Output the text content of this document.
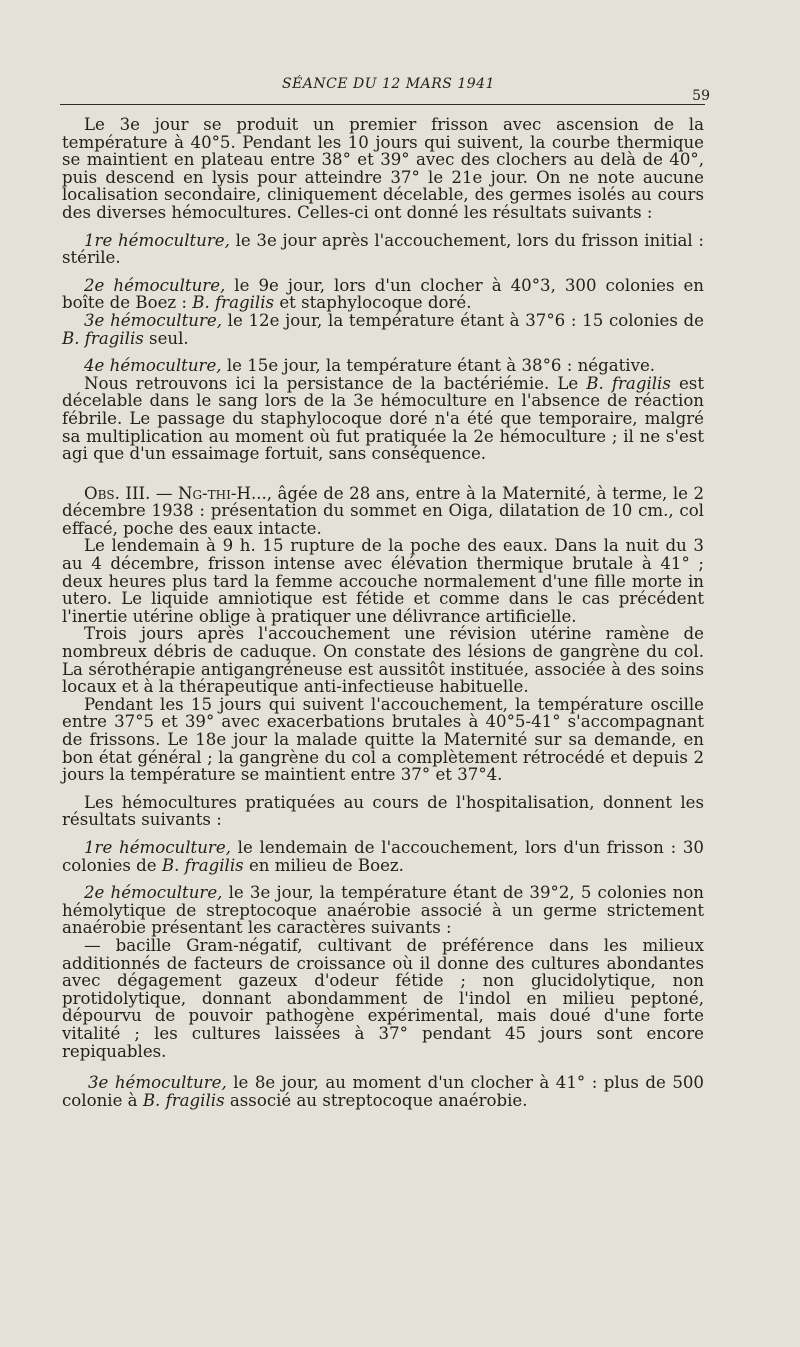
SÉANCE DU 12 MARS 1941
59

Le 3e jour se produit un premier frisson avec ascension de la température à 40°5. Pendant les 10 jours qui suivent, la courbe thermique se maintient en plateau entre 38° et 39° avec des clochers au delà de 40°, puis descend en lysis pour atteindre 37° le 21e jour. On ne note aucune localisation secondaire, cliniquement décelable, des germes isolés au cours des diverses hémocultures. Celles-ci ont donné les résultats suivants :

1re hémoculture, le 3e jour après l'accouchement, lors du frisson initial : stérile.

2e hémoculture, le 9e jour, lors d'un clocher à 40°3, 300 colonies en boîte de Boez : B. fragilis et staphylocoque doré.

3e hémoculture, le 12e jour, la température étant à 37°6 : 15 colonies de B. fragilis seul.

4e hémoculture, le 15e jour, la température étant à 38°6 : négative.

Nous retrouvons ici la persistance de la bactériémie. Le B. fragilis est décelable dans le sang lors de la 3e hémoculture en l'absence de réaction fébrile. Le passage du staphylocoque doré n'a été que temporaire, malgré sa multiplication au moment où fut pratiquée la 2e hémoculture ; il ne s'est agi que d'un essaimage fortuit, sans conséquence.

Obs. III. — Ng-thi-H..., âgée de 28 ans, entre à la Maternité, à terme, le 2 décembre 1938 : présentation du sommet en Oiga, dilatation de 10 cm., col effacé, poche des eaux intacte.

Le lendemain à 9 h. 15 rupture de la poche des eaux. Dans la nuit du 3 au 4 décembre, frisson intense avec élévation thermique brutale à 41° ; deux heures plus tard la femme accouche normalement d'une fille morte in utero. Le liquide amniotique est fétide et comme dans le cas précédent l'inertie utérine oblige à pratiquer une délivrance artificielle.

Trois jours après l'accouchement une révision utérine ramène de nombreux débris de caduque. On constate des lésions de gangrène du col. La sérothérapie antigangréneuse est aussitôt instituée, associée à des soins locaux et à la thérapeutique anti-infectieuse habituelle.

Pendant les 15 jours qui suivent l'accouchement, la température oscille entre 37°5 et 39° avec exacerbations brutales à 40°5-41° s'accompagnant de frissons. Le 18e jour la malade quitte la Maternité sur sa demande, en bon état général ; la gangrène du col a complètement rétrocédé et depuis 2 jours la température se maintient entre 37° et 37°4.

Les hémocultures pratiquées au cours de l'hospitalisation, donnent les résultats suivants :

1re hémoculture, le lendemain de l'accouchement, lors d'un frisson : 30 colonies de B. fragilis en milieu de Boez.

2e hémoculture, le 3e jour, la température étant de 39°2, 5 colonies non hémolytique de streptocoque anaérobie associé à un germe strictement anaérobie présentant les caractères suivants :

— bacille Gram-négatif, cultivant de préférence dans les milieux additionnés de facteurs de croissance où il donne des cultures abondantes avec dégagement gazeux d'odeur fétide ; non glucidolytique, non protidolytique, donnant abondamment de l'indol en milieu peptoné, dépourvu de pouvoir pathogène expérimental, mais doué d'une forte vitalité ; les cultures laissées à 37° pendant 45 jours sont encore repiquables.

3e hémoculture, le 8e jour, au moment d'un clocher à 41° : plus de 500 colonie à B. fragilis associé au streptocoque anaérobie.
